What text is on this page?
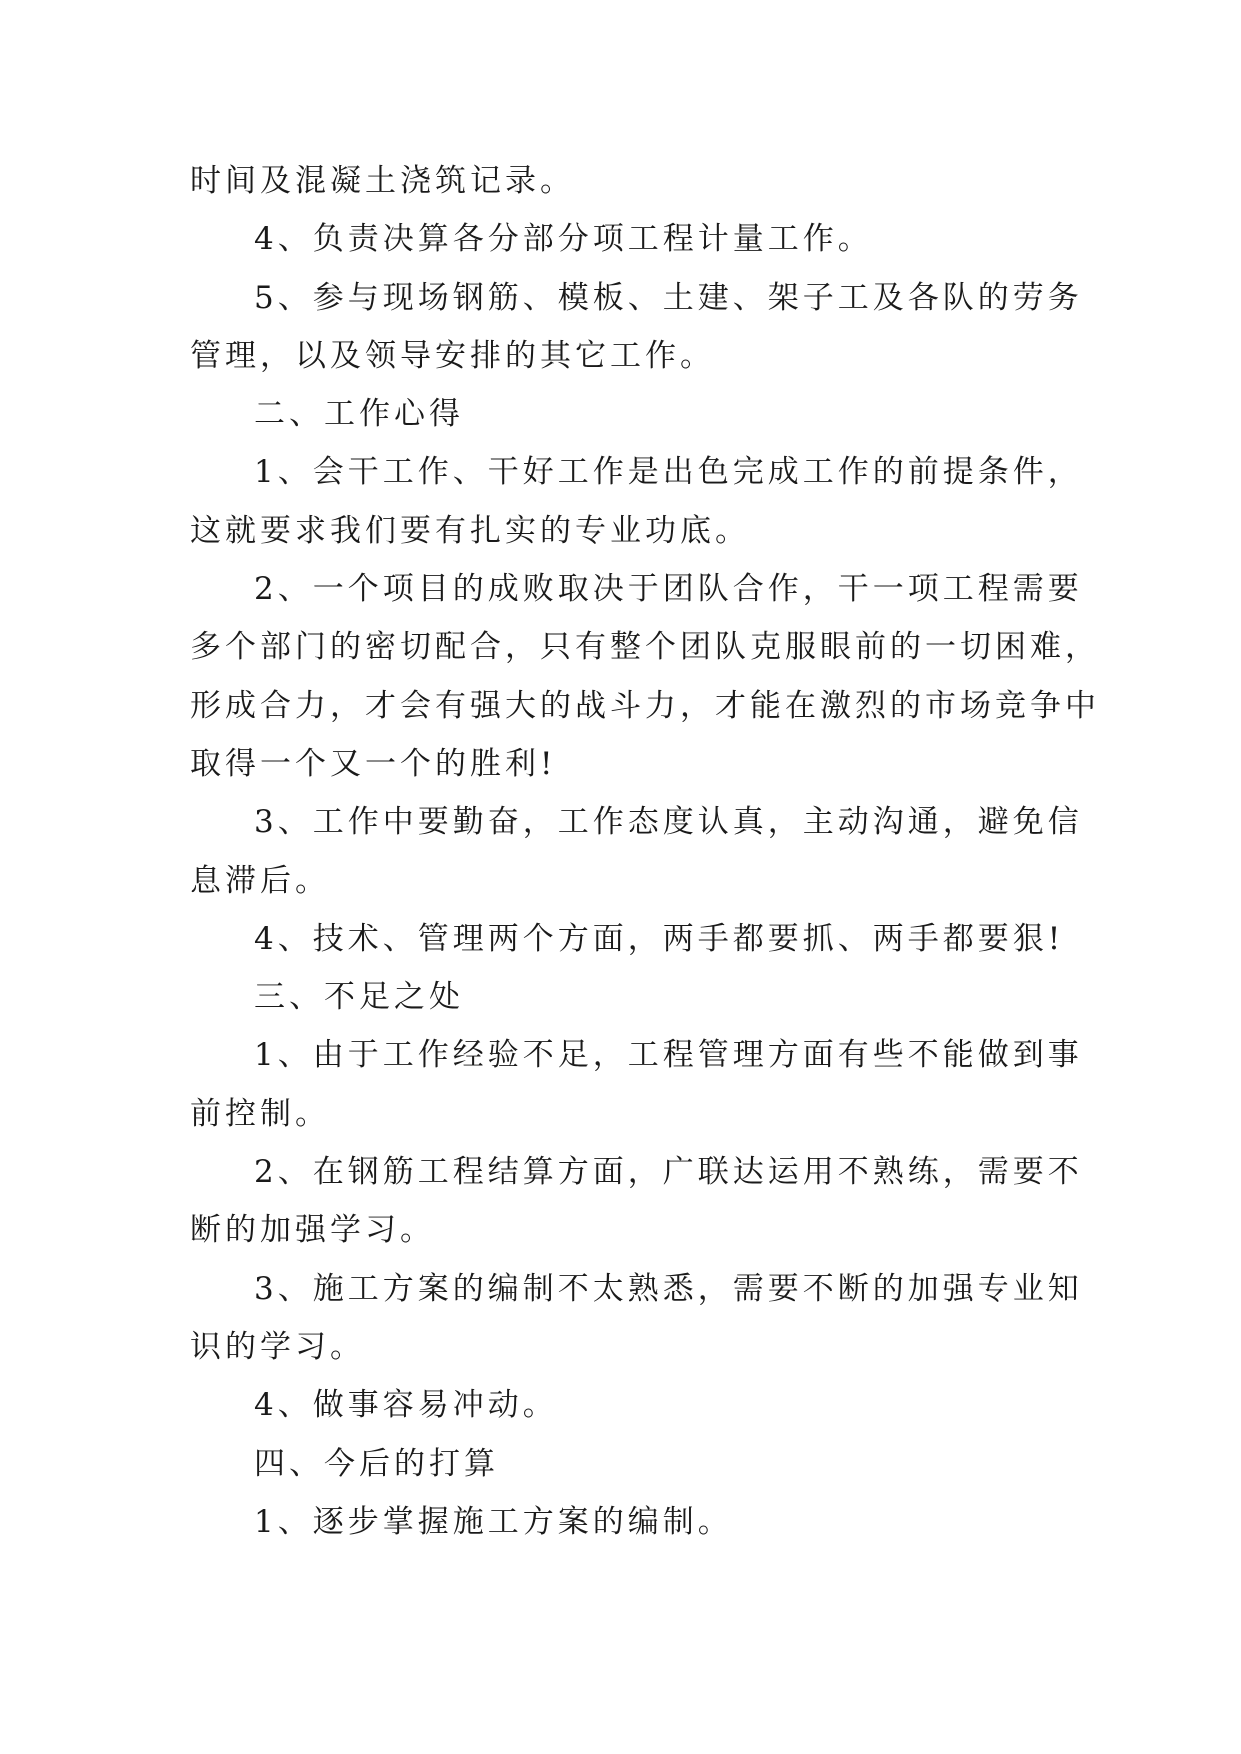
时间及混凝土浇筑记录。
4、负责决算各分部分项工程计量工作。
5、参与现场钢筋、模板、土建、架子工及各队的劳务
管理，以及领导安排的其它工作。
二、工作心得
1、会干工作、干好工作是出色完成工作的前提条件，
这就要求我们要有扎实的专业功底。
2、一个项目的成败取决于团队合作，干一项工程需要
多个部门的密切配合，只有整个团队克服眼前的一切困难，
形成合力，才会有强大的战斗力，才能在激烈的市场竞争中
取得一个又一个的胜利!
3、工作中要勤奋，工作态度认真，主动沟通，避免信
息滞后。
4、技术、管理两个方面，两手都要抓、两手都要狠!
三、不足之处
1、由于工作经验不足，工程管理方面有些不能做到事
前控制。
2、在钢筋工程结算方面，广联达运用不熟练，需要不
断的加强学习。
3、施工方案的编制不太熟悉，需要不断的加强专业知
识的学习。
4、做事容易冲动。
四、今后的打算
1、逐步掌握施工方案的编制。
